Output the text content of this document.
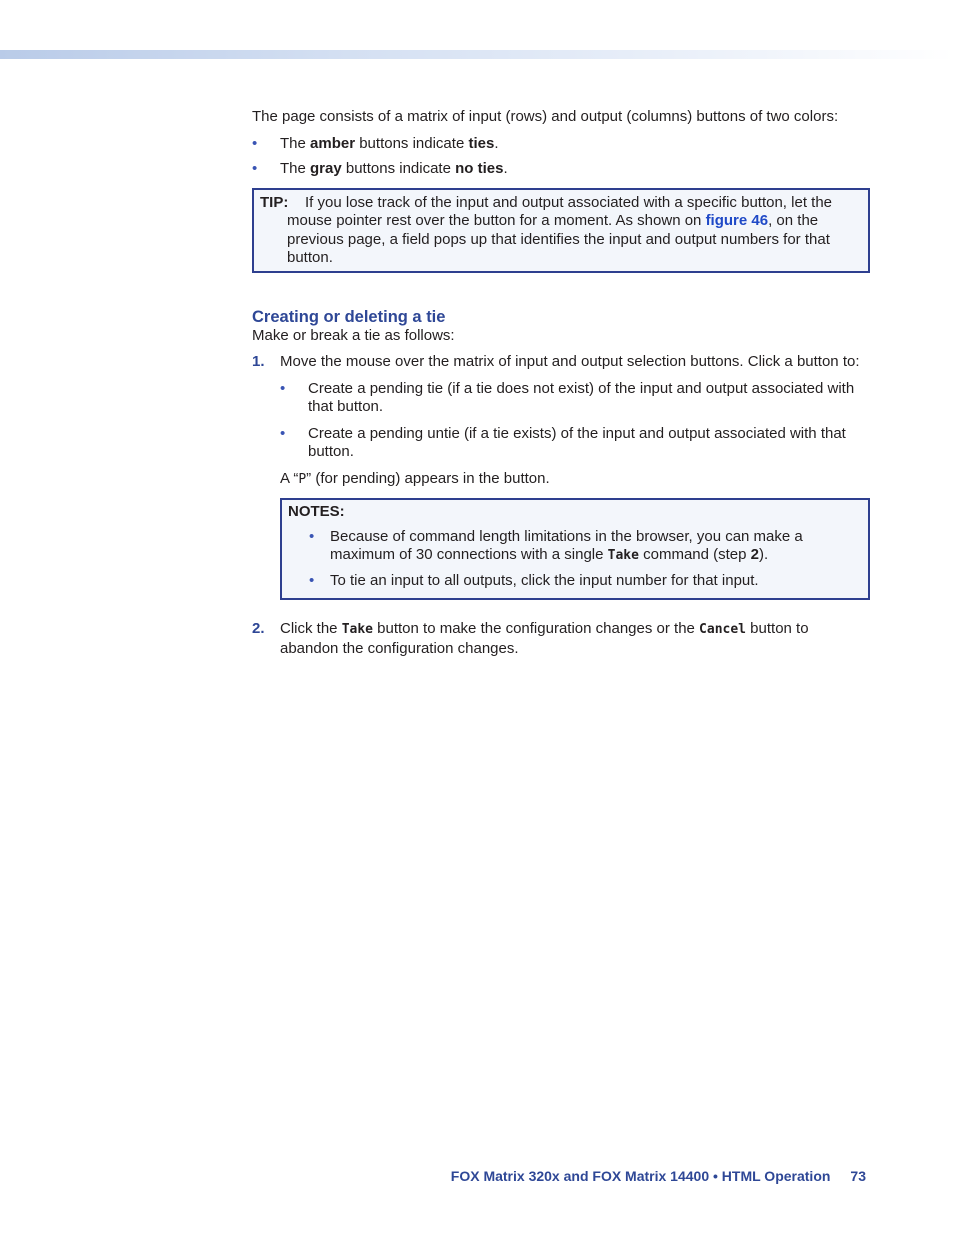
The page consists of a matrix of input (rows) and output (columns) buttons of two colors:

• The amber buttons indicate ties.
• The gray buttons indicate no ties.

TIP: If you lose track of the input and output associated with a specific button, let the mouse pointer rest over the button for a moment. As shown on figure 46, on the previous page, a field pops up that identifies the input and output numbers for that button.

Creating or deleting a tie

Make or break a tie as follows:

1. Move the mouse over the matrix of input and output selection buttons. Click a button to:

• Create a pending tie (if a tie does not exist) of the input and output associated with that button.
• Create a pending untie (if a tie exists) of the input and output associated with that button.

A “P” (for pending) appears in the button.

NOTES:
• Because of command length limitations in the browser, you can make a maximum of 30 connections with a single Take command (step 2).
• To tie an input to all outputs, click the input number for that input.
2. Click the Take button to make the configuration changes or the Cancel button to abandon the configuration changes.

FOX Matrix 320x and FOX Matrix 14400 • HTML Operation 73
